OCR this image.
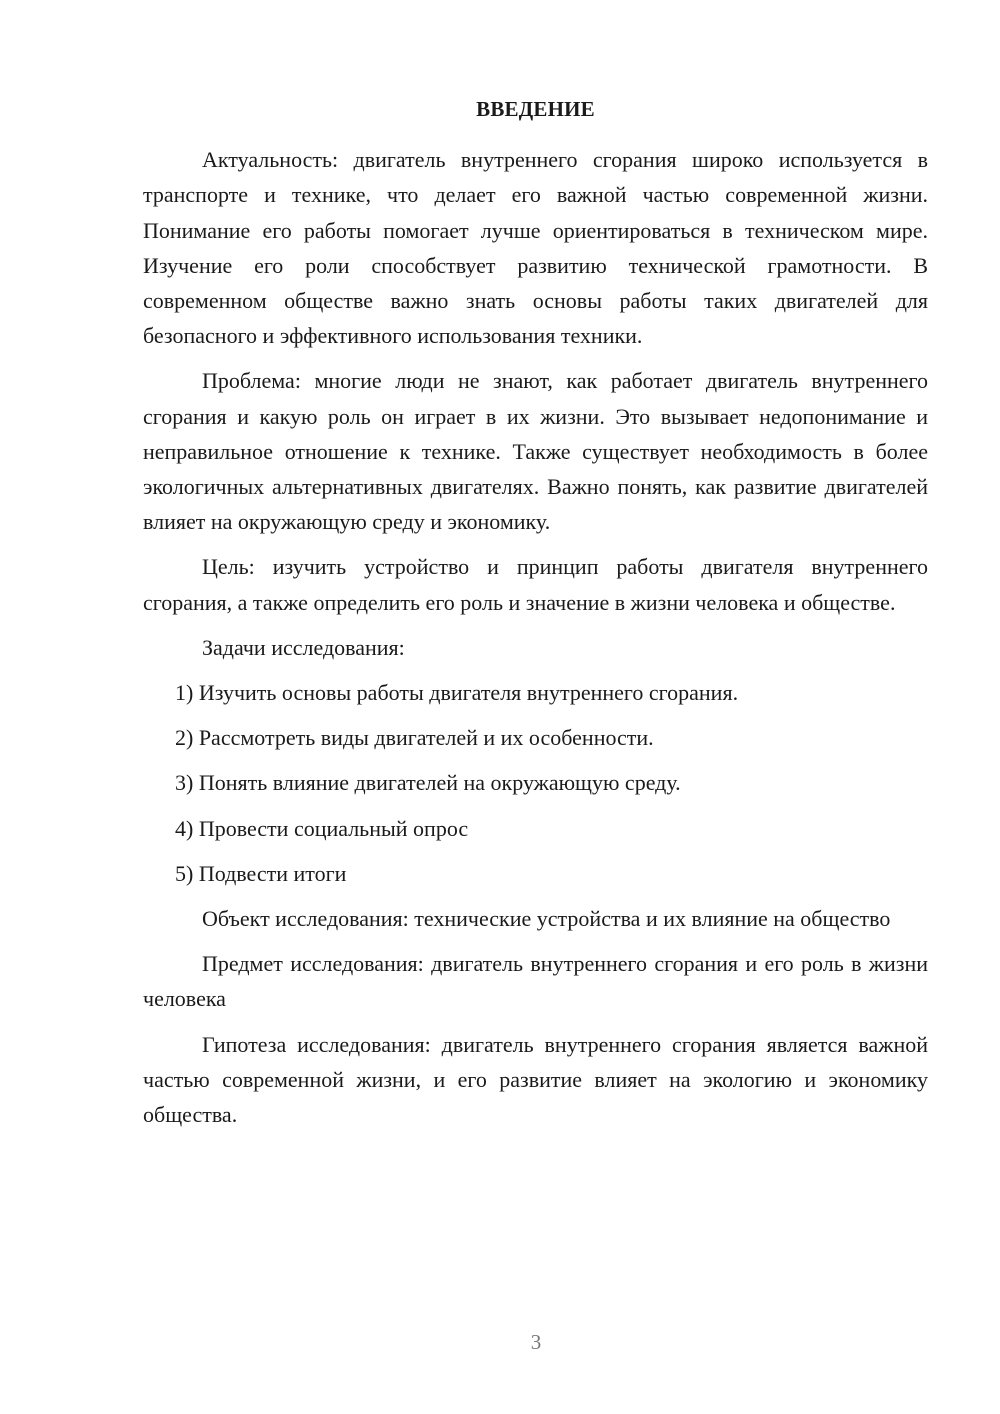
ВВЕДЕНИЕ

Актуальность: двигатель внутреннего сгорания широко используется в транспорте и технике, что делает его важной частью современной жизни. Понимание его работы помогает лучше ориентироваться в техническом мире. Изучение его роли способствует развитию технической грамотности. В современном обществе важно знать основы работы таких двигателей для безопасного и эффективного использования техники.

Проблема: многие люди не знают, как работает двигатель внутреннего сгорания и какую роль он играет в их жизни. Это вызывает недопонимание и неправильное отношение к технике. Также существует необходимость в более экологичных альтернативных двигателях. Важно понять, как развитие двигателей влияет на окружающую среду и экономику.

Цель: изучить устройство и принцип работы двигателя внутреннего сгорания, а также определить его роль и значение в жизни человека и обществе.

Задачи исследования:

1) Изучить основы работы двигателя внутреннего сгорания.
2) Рассмотреть виды двигателей и их особенности.
3) Понять влияние двигателей на окружающую среду.
4) Провести социальный опрос
5) Подвести итоги

Объект исследования: технические устройства и их влияние на общество

Предмет исследования: двигатель внутреннего сгорания и его роль в жизни человека

Гипотеза исследования: двигатель внутреннего сгорания является важной частью современной жизни, и его развитие влияет на экологию и экономику общества.

3
